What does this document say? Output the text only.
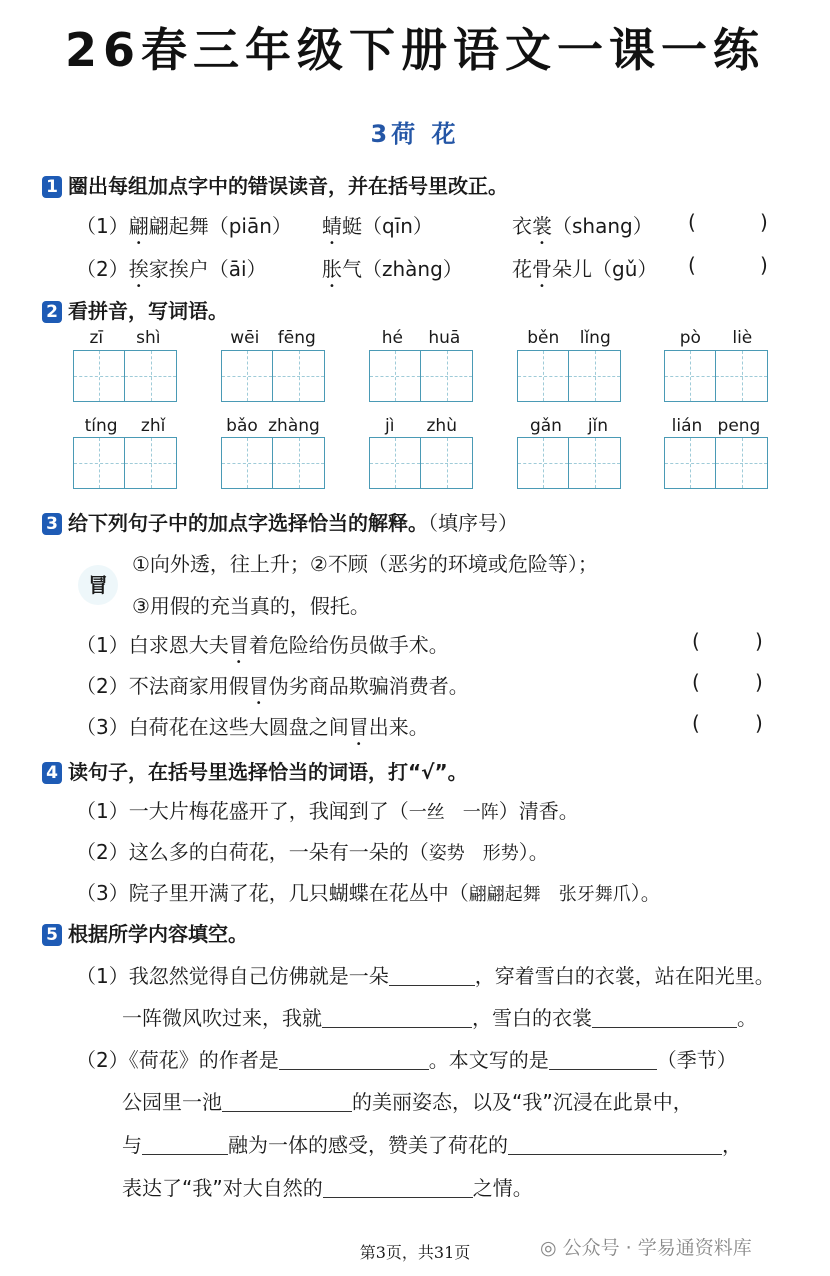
26春三年级下册语文一课一练
3荷 花
1 圈出每组加点字中的错误读音，并在括号里改正。
2 看拼音，写词语。
3 给下列句子中的加点字选择恰当的解释。（填序号）
冒
①向外透，往上升；②不顾（恶劣的环境或危险等）；
③用假的充当真的，假托。
4 读句子，在括号里选择恰当的词语，打“√”。
5 根据所学内容填空。
（1）我忽然觉得自己仿佛就是一朵	，穿着雪白的衣裳，站在阳光里。
一阵微风吹过来，我就	，雪白的衣裳	。
（2）《荷花》的作者是	。本文写的是	（季节）
公园里一池	的美丽姿态，以及“我”沉浸在此景中，
与	融为一体的感受，赞美了荷花的	，
表达了“我”对大自然的	之情。
第3页，共31页	◎ 公众号 · 学易通资料库
（1）翩翩起舞（piān） 蜻蜓（qīn）	衣裳（shang） (	)
（2）挨家挨户（āi）	胀气（zhàng） 花骨朵儿（gǔ） (	)
zī shì	wēi fēng	hé huā	běn lǐng	pò liè
tíng zhǐ	bǎo zhàng	jì zhù	gǎn jǐn	lián peng
（1）白求恩大夫冒着危险给伤员做手术。	(	)
（2）不法商家用假冒伪劣商品欺骗消费者。	(	)
（3）白荷花在这些大圆盘之间冒出来。	(	)
（1）一大片梅花盛开了，我闻到了（一丝 一阵）清香。
（2）这么多的白荷花，一朵有一朵的（姿势 形势）。
（3）院子里开满了花，几只蝴蝶在花丛中（翩翩起舞 张牙舞爪）。
